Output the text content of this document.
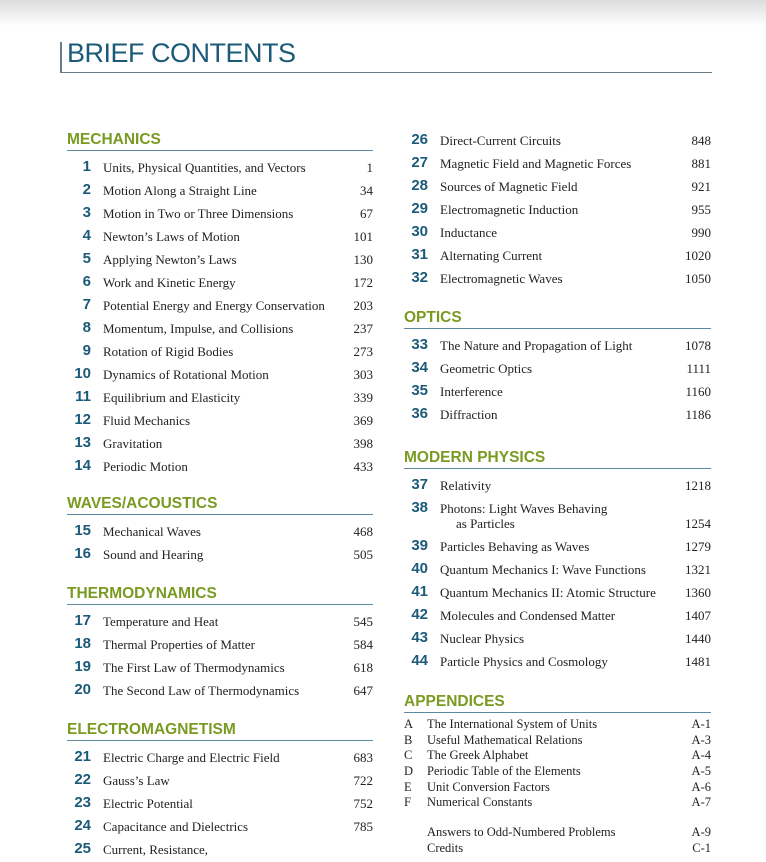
BRIEF CONTENTS
MECHANICS
1 Units, Physical Quantities, and Vectors	1
2 Motion Along a Straight Line	34
3 Motion in Two or Three Dimensions	67
4 Newton’s Laws of Motion	101
5 Applying Newton’s Laws	130
6 Work and Kinetic Energy	172
7 Potential Energy and Energy Conservation 203
8 Momentum, Impulse, and Collisions	237
9 Rotation of Rigid Bodies	273
10 Dynamics of Rotational Motion	303
11 Equilibrium and Elasticity	339
12 Fluid Mechanics	369
13 Gravitation	398
14 Periodic Motion	433
WAVES/ACOUSTICS
15 Mechanical Waves	468
16 Sound and Hearing	505
THERMODYNAMICS
17 Temperature and Heat	545
18 Thermal Properties of Matter	584
19 The First Law of Thermodynamics	618
20 The Second Law of Thermodynamics	647
ELECTROMAGNETISM
21 Electric Charge and Electric Field	683
22 Gauss’s Law	722
23 Electric Potential	752
24 Capacitance and Dielectrics	785
25 Current, Resistance,
26 Direct-Current Circuits	848
27 Magnetic Field and Magnetic Forces	881
28 Sources of Magnetic Field	921
29 Electromagnetic Induction	955
30 Inductance	990
31 Alternating Current	1020
32 Electromagnetic Waves	1050
OPTICS
33 The Nature and Propagation of Light	1078
34 Geometric Optics	1111
35 Interference	1160
36 Diffraction	1186
MODERN PHYSICS
37 Relativity	1218
38 Photons: Light Waves Behaving
as Particles	1254
39 Particles Behaving as Waves	1279
40 Quantum Mechanics I: Wave Functions	1321
41 Quantum Mechanics II: Atomic Structure 1360
42 Molecules and Condensed Matter	1407
43 Nuclear Physics	1440
44 Particle Physics and Cosmology	1481
APPENDICES
A The International System of Units	A-1
B Useful Mathematical Relations	A-3
C The Greek Alphabet	A-4
D Periodic Table of the Elements	A-5
E Unit Conversion Factors	A-6
F Numerical Constants	A-7
Answers to Odd-Numbered Problems	A-9
Credits	C-1
